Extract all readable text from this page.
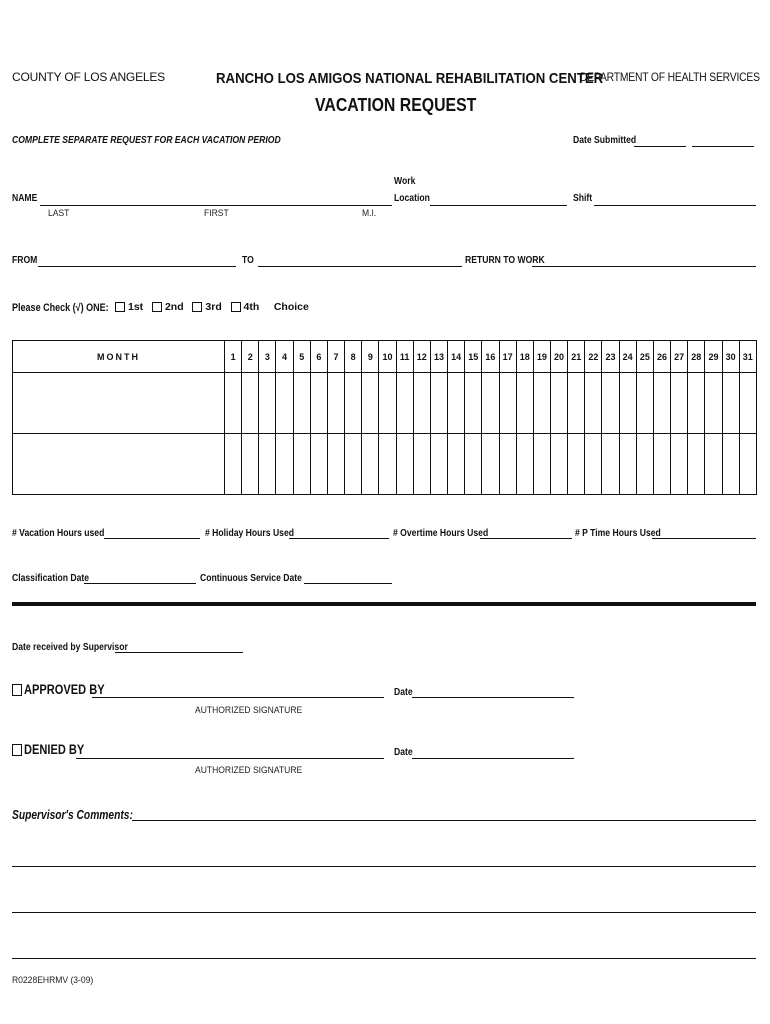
COUNTY OF LOS ANGELES	RANCHO LOS AMIGOS NATIONAL REHABILITATION CENTER
DEPARTMENT OF HEALTH SERVICES
VACATION REQUEST
COMPLETE SEPARATE REQUEST FOR EACH VACATION PERIOD	Date Submitted
Work
NAME	Location	Shift
LAST	FIRST	M.I.
FROM	TO	RETURN TO WORK
Please Check (√) ONE:	1st 2nd 3rd 4th Choice
MONTH	1	2	3	4	5	6	7	8	9	10	11	12	13	14	15	16	17	18	19	20	21	22	23	24	25	26	27	28	29	30	31

# Vacation Hours used	# Holiday Hours Used	# Overtime Hours Used	# P Time Hours Used
Classification Date	Continuous Service Date
Date received by Supervisor
APPROVED BY
AUTHORIZED SIGNATURE
Date
DENIED BY
AUTHORIZED SIGNATURE
Date
Supervisor's Comments:
R0228EHRMV (3-09)
